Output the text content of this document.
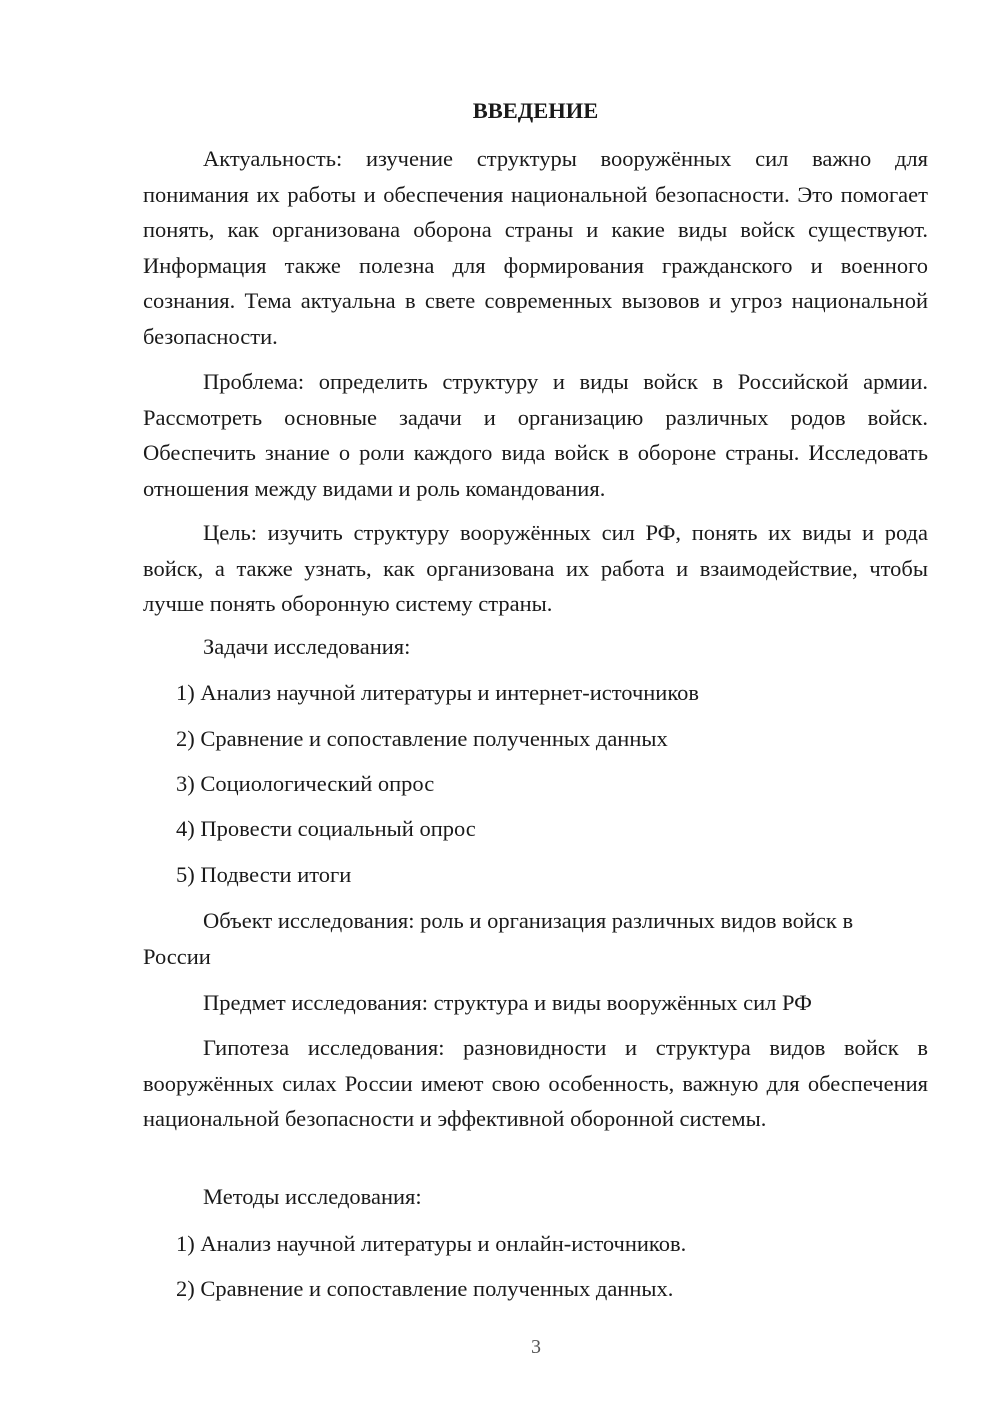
ВВЕДЕНИЕ

Актуальность: изучение структуры вооружённых сил важно для понимания их работы и обеспечения национальной безопасности. Это помогает понять, как организована оборона страны и какие виды войск существуют. Информация также полезна для формирования гражданского и военного сознания. Тема актуальна в свете современных вызовов и угроз национальной безопасности.

Проблема: определить структуру и виды войск в Российской армии. Рассмотреть основные задачи и организацию различных родов войск. Обеспечить знание о роли каждого вида войск в обороне страны. Исследовать отношения между видами и роль командования.

Цель: изучить структуру вооружённых сил РФ, понять их виды и рода войск, а также узнать, как организована их работа и взаимодействие, чтобы лучше понять оборонную систему страны.

Задачи исследования:

1) Анализ научной литературы и интернет-источников

2) Сравнение и сопоставление полученных данных

3) Социологический опрос

4) Провести социальный опрос

5) Подвести итоги

Объект исследования: роль и организация различных видов войск в

России

Предмет исследования: структура и виды вооружённых сил РФ

Гипотеза исследования: разновидности и структура видов войск в вооружённых силах России имеют свою особенность, важную для обеспечения национальной безопасности и эффективной оборонной системы.

Методы исследования:

1) Анализ научной литературы и онлайн-источников.

2) Сравнение и сопоставление полученных данных.

3
